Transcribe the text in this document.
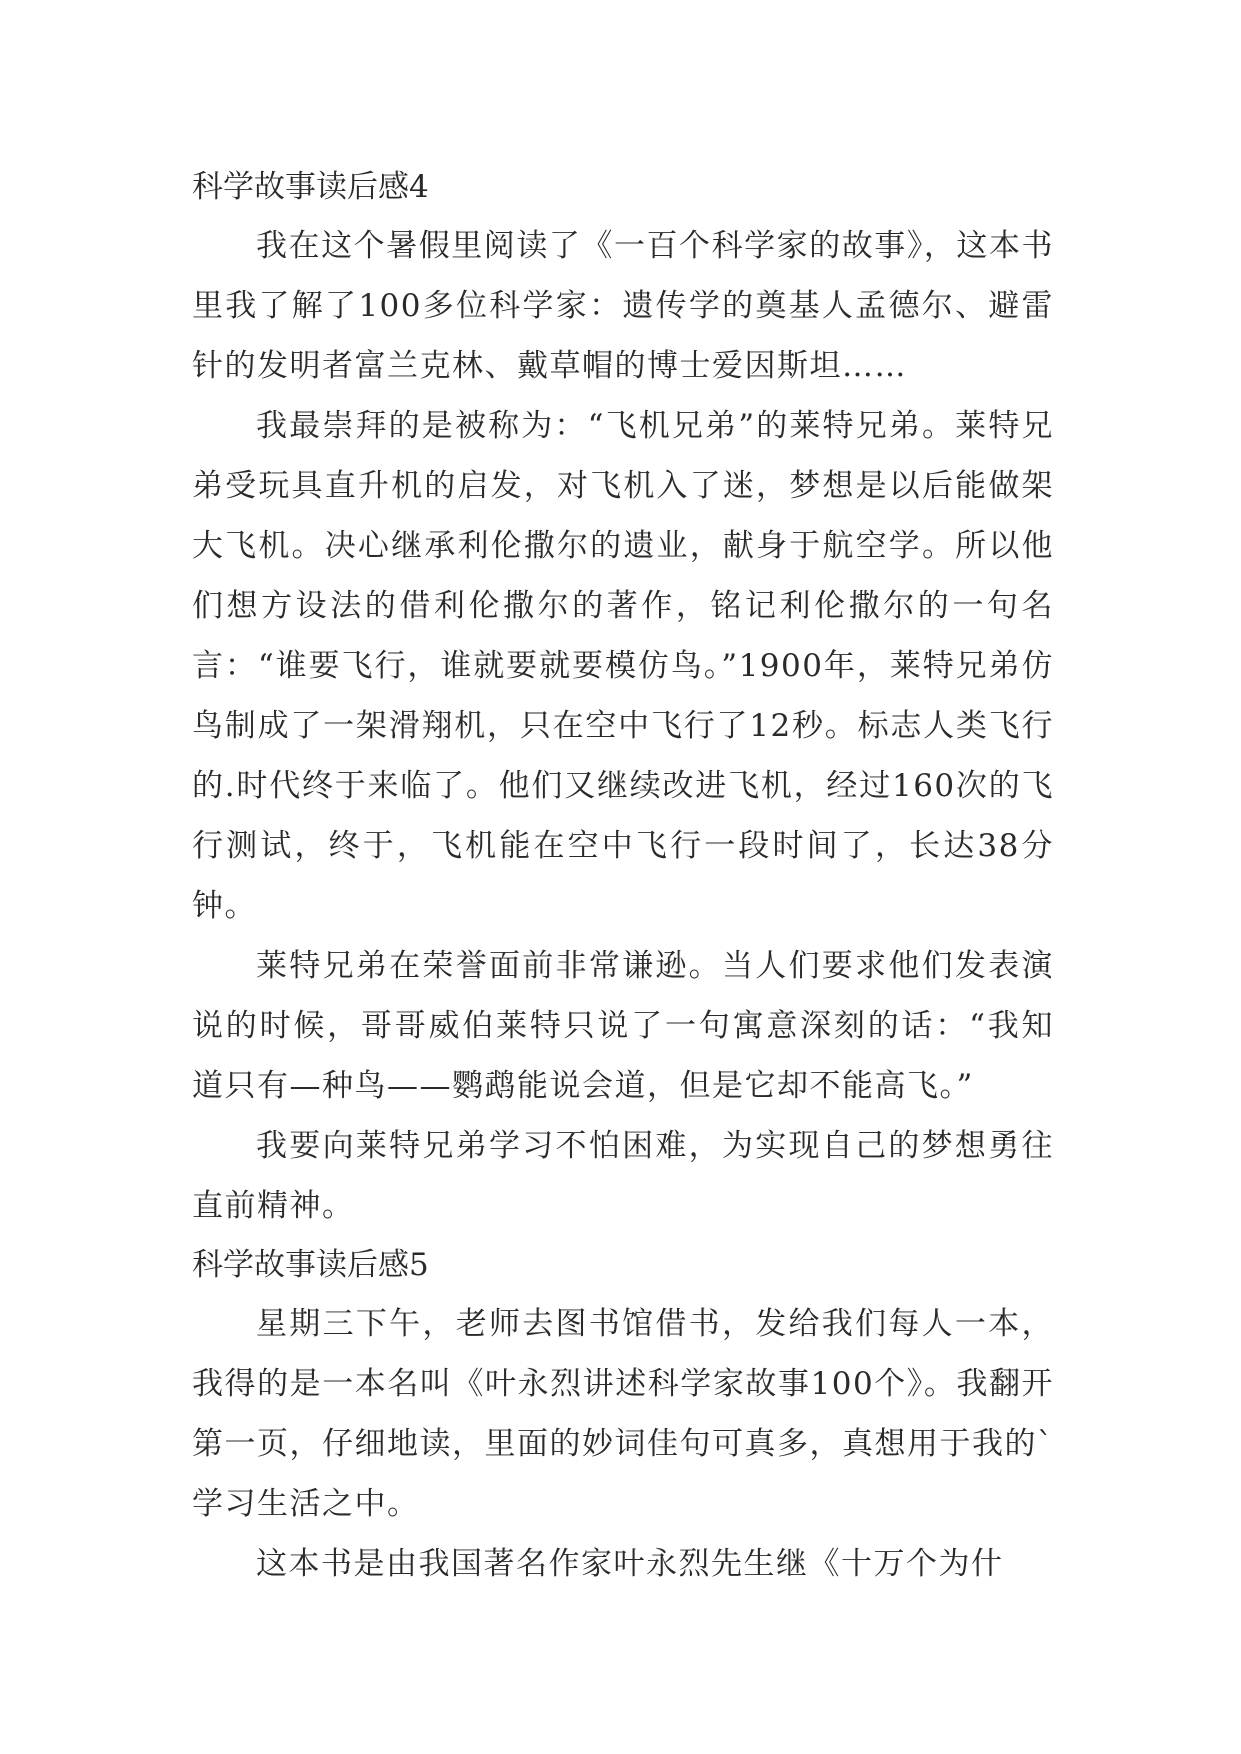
科学故事读后感4

我在这个暑假里阅读了《一百个科学家的故事》，这本书里我了解了100多位科学家：遗传学的奠基人孟德尔、避雷针的发明者富兰克林、戴草帽的博士爱因斯坦……

我最崇拜的是被称为：“飞机兄弟”的莱特兄弟。莱特兄弟受玩具直升机的启发，对飞机入了迷，梦想是以后能做架大飞机。决心继承利伦撒尔的遗业，献身于航空学。所以他们想方设法的借利伦撒尔的著作，铭记利伦撒尔的一句名言：“谁要飞行，谁就要就要模仿鸟。”1900年，莱特兄弟仿鸟制成了一架滑翔机，只在空中飞行了12秒。标志人类飞行的.时代终于来临了。他们又继续改进飞机，经过160次的飞行测试，终于，飞机能在空中飞行一段时间了，长达38分钟。

莱特兄弟在荣誉面前非常谦逊。当人们要求他们发表演说的时候，哥哥威伯莱特只说了一句寓意深刻的话：“我知道只有—种鸟——鹦鹉能说会道，但是它却不能高飞。”

我要向莱特兄弟学习不怕困难，为实现自己的梦想勇往直前精神。

科学故事读后感5

星期三下午，老师去图书馆借书，发给我们每人一本，我得的是一本名叫《叶永烈讲述科学家故事100个》。我翻开第一页，仔细地读，里面的妙词佳句可真多，真想用于我的`学习生活之中。

这本书是由我国著名作家叶永烈先生继《十万个为什
